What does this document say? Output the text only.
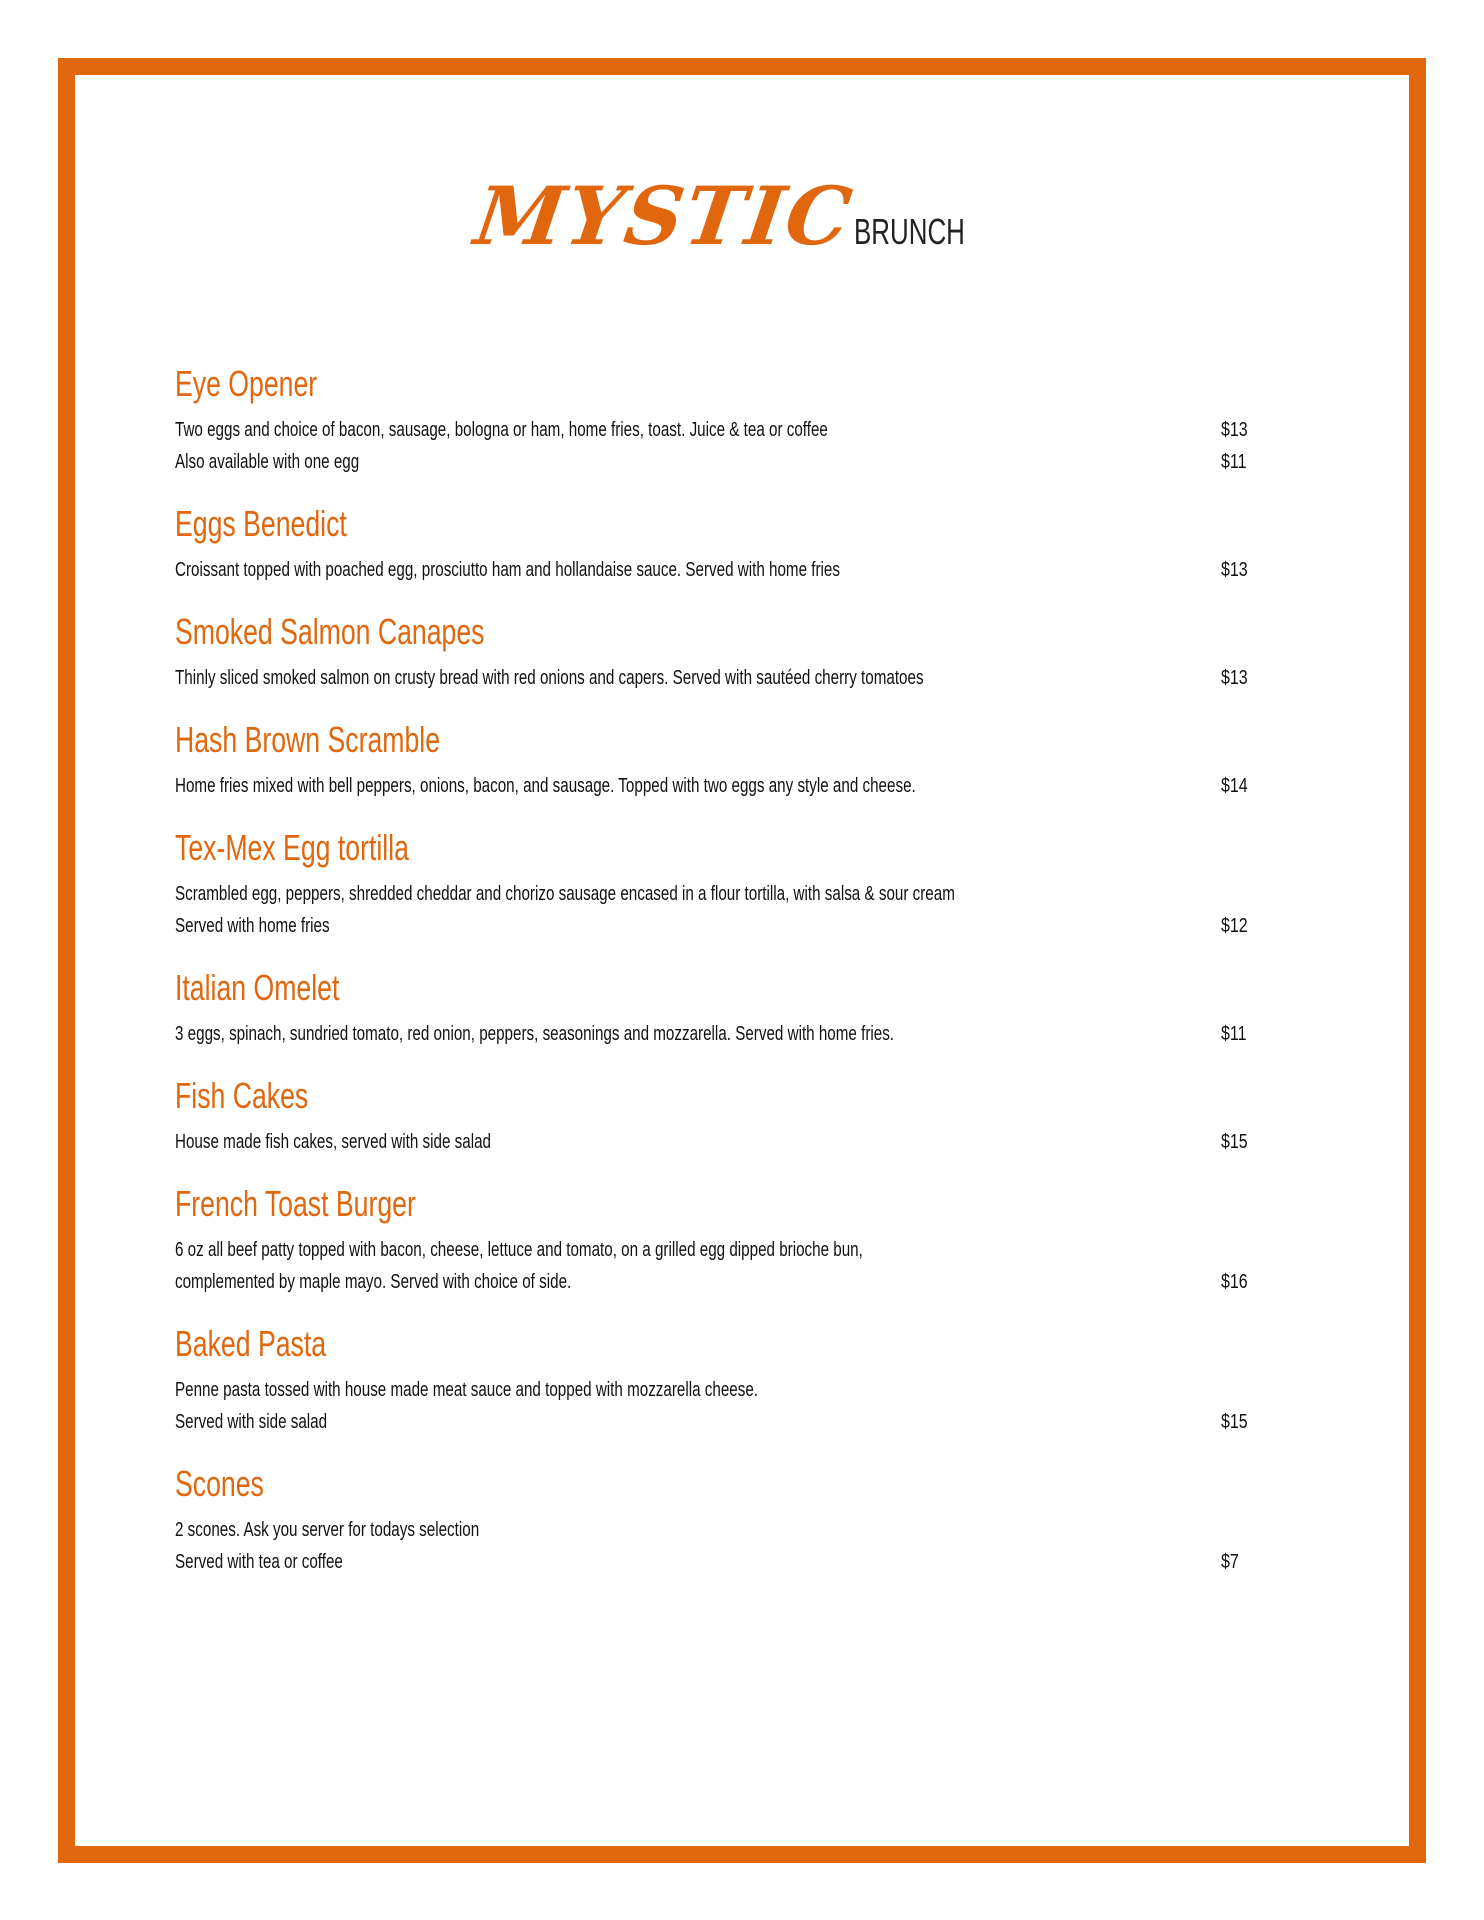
MYSTICBRUNCH
Eye Opener
Two eggs and choice of bacon, sausage, bologna or ham, home fries, toast. Juice & tea or coffee	$13
Also available with one egg	$11
Eggs Benedict
Croissant topped with poached egg, prosciutto ham and hollandaise sauce. Served with home fries	$13
Smoked Salmon Canapes
Thinly sliced smoked salmon on crusty bread with red onions and capers. Served with sautéed cherry tomatoes	$13
Hash Brown Scramble
Home fries mixed with bell peppers, onions, bacon, and sausage. Topped with two eggs any style and cheese.	$14
Tex-Mex Egg tortilla
Scrambled egg, peppers, shredded cheddar and chorizo sausage encased in a flour tortilla, with salsa & sour cream
Served with home fries	$12
Italian Omelet
3 eggs, spinach, sundried tomato, red onion, peppers, seasonings and mozzarella. Served with home fries.	$11
Fish Cakes
House made fish cakes, served with side salad	$15
French Toast Burger
6 oz all beef patty topped with bacon, cheese, lettuce and tomato, on a grilled egg dipped brioche bun,
complemented by maple mayo. Served with choice of side.	$16
Baked Pasta
Penne pasta tossed with house made meat sauce and topped with mozzarella cheese.
Served with side salad	$15
Scones
2 scones. Ask you server for todays selection
Served with tea or coffee	$7
